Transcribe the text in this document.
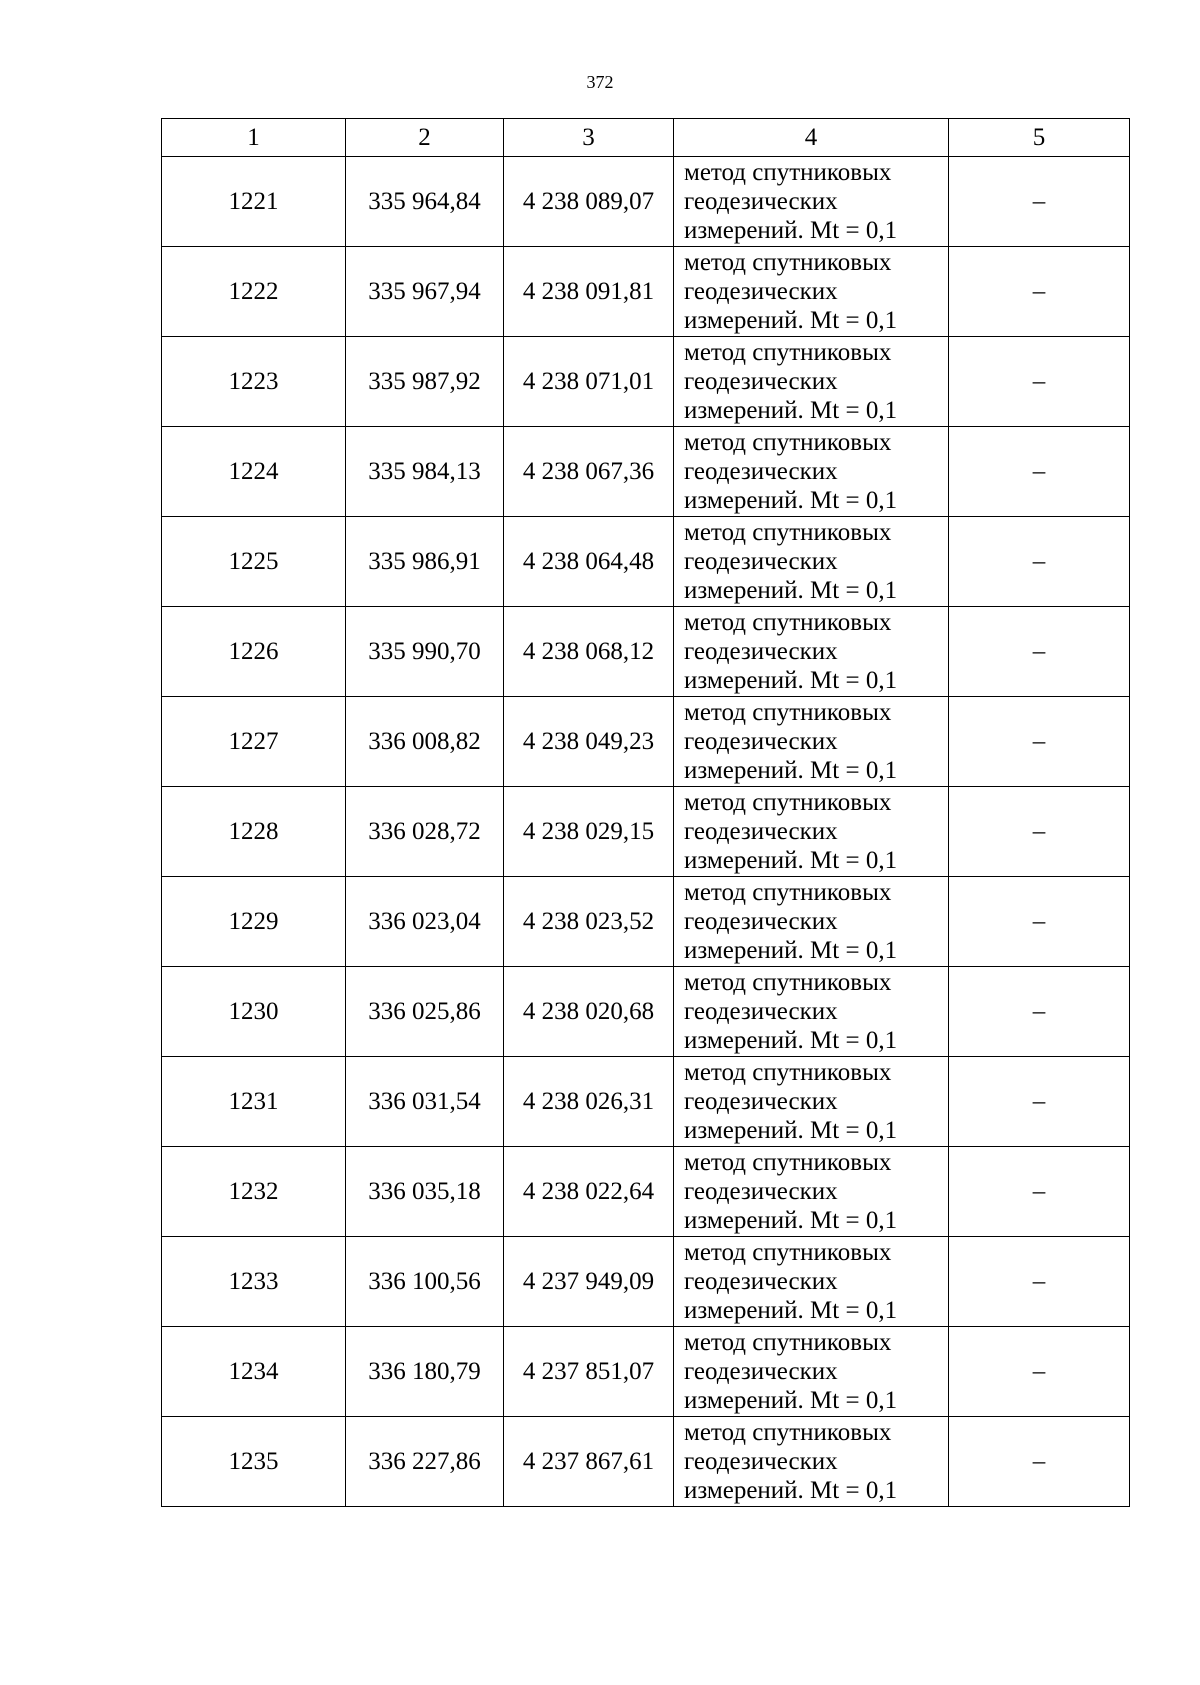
372
1	2	3	4	5
1221	335 964,84	4 238 089,07	метод спутниковых
геодезических
измерений. Mt = 0,1	–
1222	335 967,94	4 238 091,81	метод спутниковых
геодезических
измерений. Mt = 0,1	–
1223	335 987,92	4 238 071,01	метод спутниковых
геодезических
измерений. Mt = 0,1	–
1224	335 984,13	4 238 067,36	метод спутниковых
геодезических
измерений. Mt = 0,1	–
1225	335 986,91	4 238 064,48	метод спутниковых
геодезических
измерений. Mt = 0,1	–
1226	335 990,70	4 238 068,12	метод спутниковых
геодезических
измерений. Mt = 0,1	–
1227	336 008,82	4 238 049,23	метод спутниковых
геодезических
измерений. Mt = 0,1	–
1228	336 028,72	4 238 029,15	метод спутниковых
геодезических
измерений. Mt = 0,1	–
1229	336 023,04	4 238 023,52	метод спутниковых
геодезических
измерений. Mt = 0,1	–
1230	336 025,86	4 238 020,68	метод спутниковых
геодезических
измерений. Mt = 0,1	–
1231	336 031,54	4 238 026,31	метод спутниковых
геодезических
измерений. Mt = 0,1	–
1232	336 035,18	4 238 022,64	метод спутниковых
геодезических
измерений. Mt = 0,1	–
1233	336 100,56	4 237 949,09	метод спутниковых
геодезических
измерений. Mt = 0,1	–
1234	336 180,79	4 237 851,07	метод спутниковых
геодезических
измерений. Mt = 0,1	–
1235	336 227,86	4 237 867,61	метод спутниковых
геодезических
измерений. Mt = 0,1	–
